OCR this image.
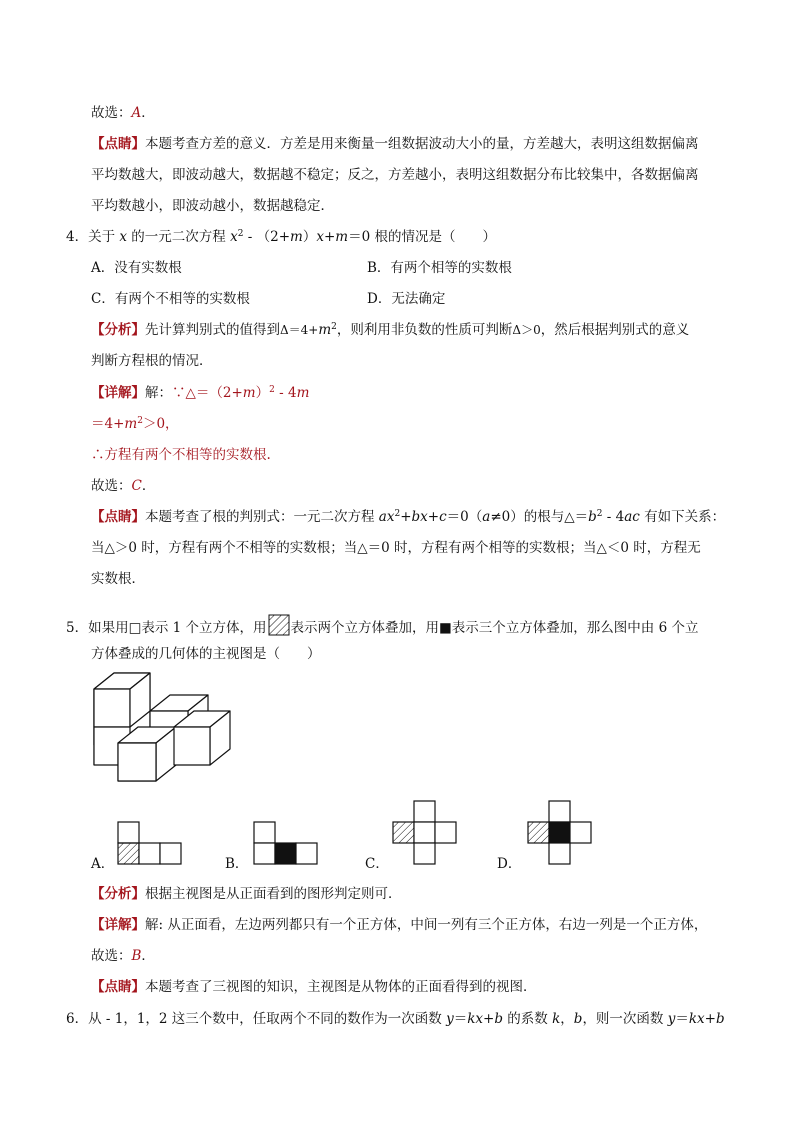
故选：A．
【点睛】本题考查方差的意义．方差是用来衡量一组数据波动大小的量，方差越大，表明这组数据偏离
平均数越大，即波动越大，数据越不稳定；反之，方差越小，表明这组数据分布比较集中，各数据偏离
平均数越小，即波动越小，数据越稳定．
4．关于 x 的一元二次方程 $x^2 - (2+m)x+m=0$ 根的情况是（　　）
A．没有实数根	B．有两个相等的实数根
C．有两个不相等的实数根	D．无法确定
【分析】先计算判别式的值得到$\Delta=4+m^2$，则利用非负数的性质可判断Δ＞0，然后根据判别式的意义
判断方程根的情况．
【详解】解：$\because\triangle=(2+m)^2 - 4m$
$=4+m^2>0$，
∴方程有两个不相等的实数根.
故选：C．
【点睛】本题考查了根的判别式：一元二次方程 $ax^2+bx+c=0(a\ne 0)$的根与$\triangle=b^2 - 4ac$ 有如下关系：
当△＞0 时，方程有两个不相等的实数根；当△＝0 时，方程有两个相等的实数根；当△＜0 时，方程无
实数根．
5．如果用□表示 1 个立方体，用 表示两个立方体叠加，用■表示三个立方体叠加，那么图中由 6 个立
方体叠成的几何体的主视图是（　　）
A．	B．	C．	D．
【分析】根据主视图是从正面看到的图形判定则可．
【详解】解: 从正面看，左边两列都只有一个正方体，中间一列有三个正方体，右边一列是一个正方体，
故选：B．
【点睛】本题考查了三视图的知识，主视图是从物体的正面看得到的视图．
6．从 - 1，1，2 这三个数中，任取两个不同的数作为一次函数 y＝kx+b 的系数 k，b，则一次函数 y＝kx+b
